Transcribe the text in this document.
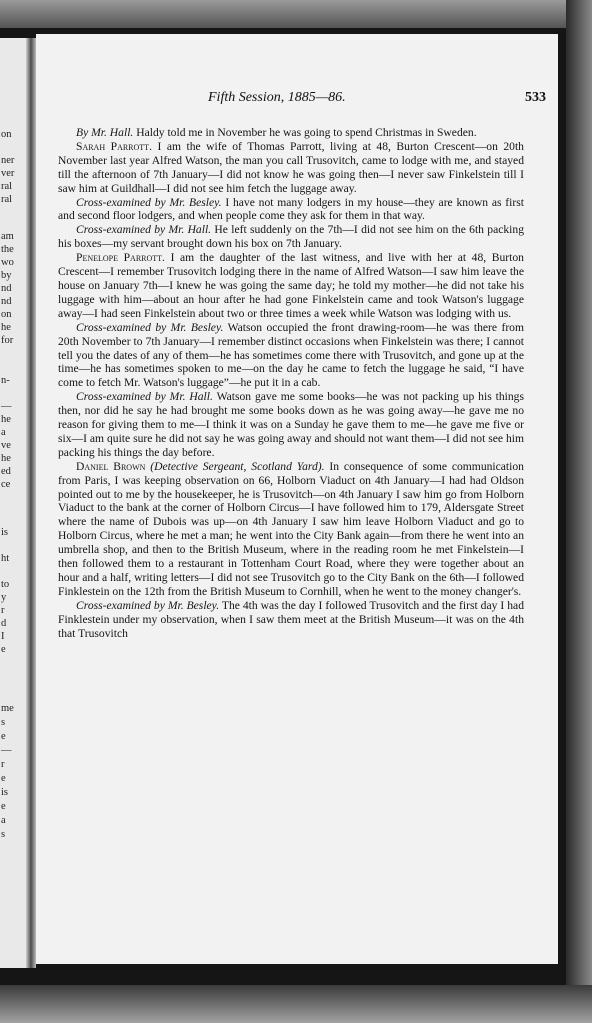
on
ner
ver
ral
ral
am
the
wo
by
nd
nd
on
he
for
n-
—
he
a
ve
he
ed
ce
is
ht
to
y
r
d
I
e
me
s
e
—
r
e
is
e
a
s
Fifth Session, 1885—86.	533

By Mr. Hall. Haldy told me in November he was going to spend Christmas in Sweden.

Sarah Parrott. I am the wife of Thomas Parrott, living at 48, Burton Crescent—on 20th November last year Alfred Watson, the man you call Trusovitch, came to lodge with me, and stayed till the afternoon of 7th January—I did not know he was going then—I never saw Finkelstein till I saw him at Guildhall—I did not see him fetch the luggage away.

Cross-examined by Mr. Besley. I have not many lodgers in my house—they are known as first and second floor lodgers, and when people come they ask for them in that way.

Cross-examined by Mr. Hall. He left suddenly on the 7th—I did not see him on the 6th packing his boxes—my servant brought down his box on 7th January.

Penelope Parrott. I am the daughter of the last witness, and live with her at 48, Burton Crescent—I remember Trusovitch lodging there in the name of Alfred Watson—I saw him leave the house on January 7th—I knew he was going the same day; he told my mother—he did not take his luggage with him—about an hour after he had gone Finkelstein came and took Watson's luggage away—I had seen Finkelstein about two or three times a week while Watson was lodging with us.

Cross-examined by Mr. Besley. Watson occupied the front drawing-room—he was there from 20th November to 7th January—I remember distinct occasions when Finkelstein was there; I cannot tell you the dates of any of them—he has sometimes come there with Trusovitch, and gone up at the time—he has sometimes spoken to me—on the day he came to fetch the luggage he said, “I have come to fetch Mr. Watson's luggage”—he put it in a cab.

Cross-examined by Mr. Hall. Watson gave me some books—he was not packing up his things then, nor did he say he had brought me some books down as he was going away—he gave me no reason for giving them to me—I think it was on a Sunday he gave them to me—he gave me five or six—I am quite sure he did not say he was going away and should not want them—I did not see him packing his things the day before.

Daniel Brown (Detective Sergeant, Scotland Yard). In consequence of some communication from Paris, I was keeping observation on 66, Holborn Viaduct on 4th January—I had had Oldson pointed out to me by the housekeeper, he is Trusovitch—on 4th January I saw him go from Holborn Viaduct to the bank at the corner of Holborn Circus—I have followed him to 179, Aldersgate Street where the name of Dubois was up—on 4th January I saw him leave Holborn Viaduct and go to Holborn Circus, where he met a man; he went into the City Bank again—from there he went into an umbrella shop, and then to the British Museum, where in the reading room he met Finkelstein—I then followed them to a restaurant in Tottenham Court Road, where they were together about an hour and a half, writing letters—I did not see Trusovitch go to the City Bank on the 6th—I followed Finklestein on the 12th from the British Museum to Cornhill, when he went to the money changer's.

Cross-examined by Mr. Besley. The 4th was the day I followed Trusovitch and the first day I had Finklestein under my observation, when I saw them meet at the British Museum—it was on the 4th that Trusovitch
